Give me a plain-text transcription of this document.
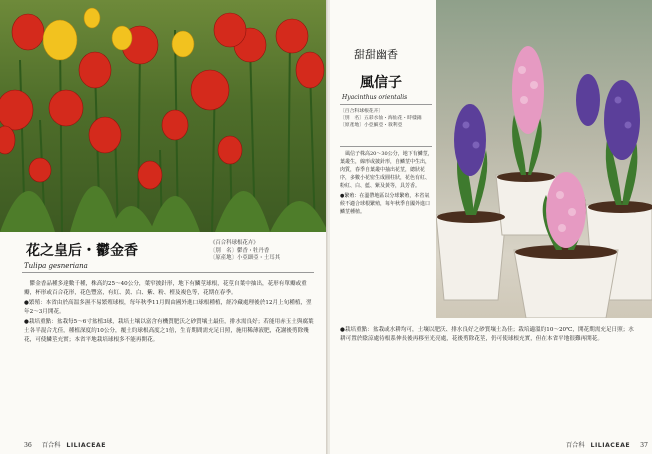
花之皇后・鬱金香
Tulipa gesneriana
《百合科球根花卉》
〔別　名〕鬱香・牡丹香
〔原產地〕小亞細亞・土耳其

鬱金香品種多達數千種，株高約25～40公分，葉窄披針形，地下有鱗莖球根，花莖自葉中抽出，花形有單瓣或重瓣，杯形或百合花形，花色豐富，有紅、黃、白、紫、粉、橙及複色等，花期在春季。

●繁殖：本省由於高溫多濕不易繁殖球根，每年秋季11月間由國外進口球根種植，經冷藏處理後於12月上旬種植，翌年2～3月開花。

●栽培重點：盆栽每5～6寸盆植3球，栽培土壤以富含有機質肥沃之砂質壤土最佳，排水需良好；若能用赤玉土與腐葉土各半混合尤佳，種植深度約10公分，覆土約球根高度之1倍，生育期間需充足日照，施用稀薄液肥，花謝後剪除殘花，可使鱗莖充實；本省平地栽培球根多不能再開花。

36 百合科 LILIACEAE
甜甜幽香
風信子
Hyacinthus orientalis
〔百合科球根花卉〕
〔別　名〕五彩水仙・海仙花・時樣錦
〔原產地〕小亞細亞・敘利亞

風信子株高20～30公分，地下有鱗莖，葉叢生，線形或披針形，自鱗莖中生出，肉質，春季自葉叢中抽出花莖，總狀花序，多數小花密生成圓柱狀，花色有紅、粉紅、白、藍、紫及黃等，具芳香。

●繁殖：在溫帶地區以分球繁殖，本省氣候不適合球根繁殖，每年秋季自國外進口鱗莖種植。

●栽培重點：盆栽或水耕均可，土壤以肥沃、排水良好之砂質壤土為佳；栽培適溫約10～20℃，開花期需充足日照；水耕可置於陰涼處待根系伸長後再移至光亮處，花後剪除花莖，仍可使球根充實，但在本省平地很難再開花。

百合科 LILIACEAE 37
